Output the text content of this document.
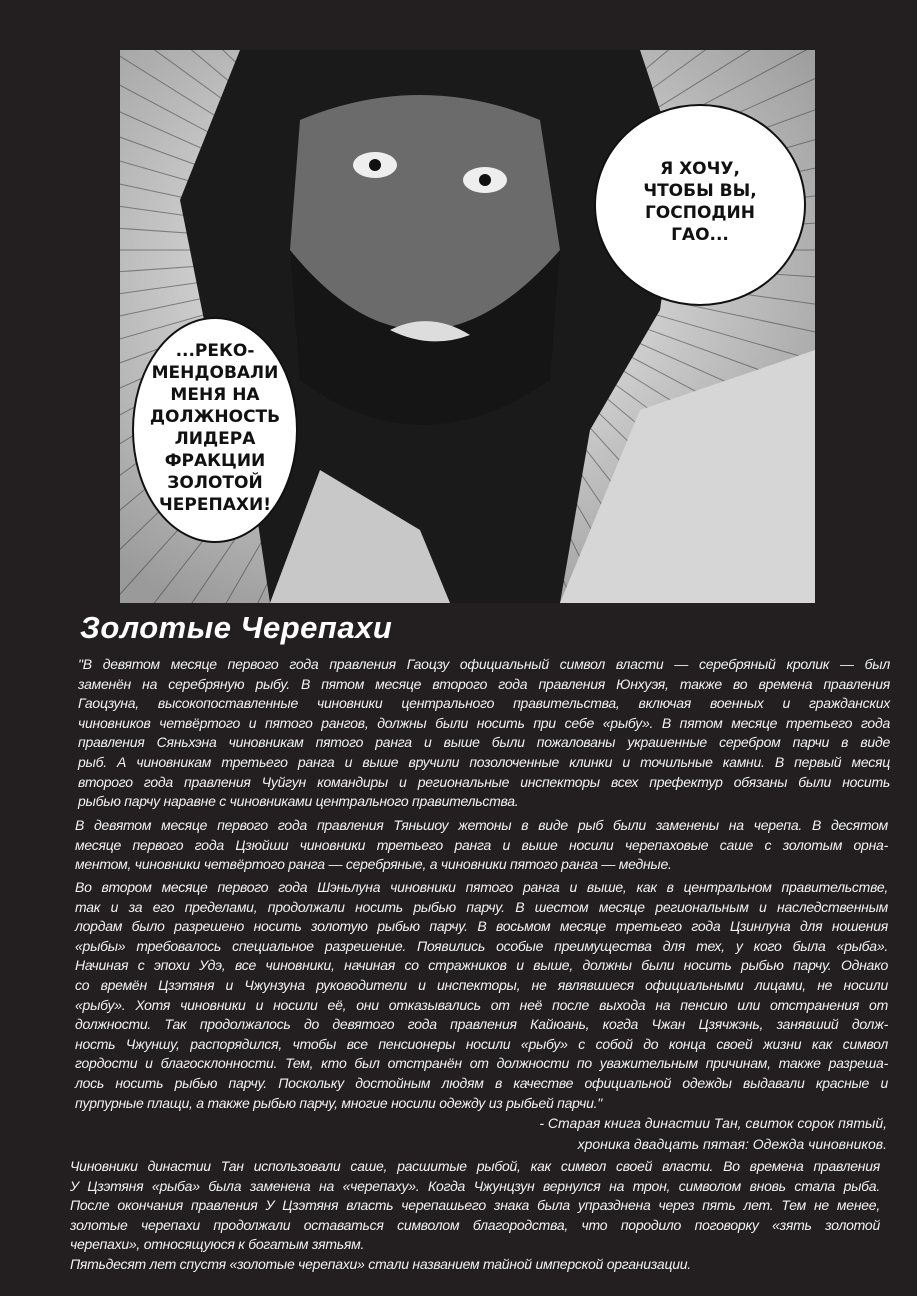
Я ХОЧУ,
ЧТОБЫ ВЫ,
ГОСПОДИН
ГАО...
...РЕКО-
МЕНДОВАЛИ
МЕНЯ НА
ДОЛЖНОСТЬ
ЛИДЕРА
ФРАКЦИИ
ЗОЛОТОЙ
ЧЕРЕПАХИ!
Золотые Черепахи
"В девятом месяце первого года правления Гаоцзу официальный символ власти — серебряный кролик — был
заменён на серебряную рыбу. В пятом месяце второго года правления Юнхуэя, также во времена правления
Гаоцзуна, высокопоставленные чиновники центрального правительства, включая военных и гражданских
чиновников четвёртого и пятого рангов, должны были носить при себе «рыбу». В пятом месяце третьего года
правления Сяньхэна чиновникам пятого ранга и выше были пожалованы украшенные серебром парчи в виде
рыб. А чиновникам третьего ранга и выше вручили позолоченные клинки и точильные камни. В первый месяц
второго года правления Чуйгун командиры и региональные инспекторы всех префектур обязаны были носить
рыбью парчу наравне с чиновниками центрального правительства.
В девятом месяце первого года правления Тяньшоу жетоны в виде рыб были заменены на черепа. В десятом
месяце первого года Цзюйши чиновники третьего ранга и выше носили черепаховые саше с золотым орна-
ментом, чиновники четвёртого ранга — серебряные, а чиновники пятого ранга — медные.
Во втором месяце первого года Шэньлуна чиновники пятого ранга и выше, как в центральном правительстве,
так и за его пределами, продолжали носить рыбью парчу. В шестом месяце региональным и наследственным
лордам было разрешено носить золотую рыбью парчу. В восьмом месяце третьего года Цзинлуна для ношения
«рыбы» требовалось специальное разрешение. Появились особые преимущества для тех, у кого была «рыба».
Начиная с эпохи Удэ, все чиновники, начиная со стражников и выше, должны были носить рыбью парчу. Однако
со времён Цзэтяня и Чжунзуна руководители и инспекторы, не являвшиеся официальными лицами, не носили
«рыбу». Хотя чиновники и носили её, они отказывались от неё после выхода на пенсию или отстранения от
должности. Так продолжалось до девятого года правления Кайюань, когда Чжан Цзячжэнь, занявший долж-
ность Чжуншу, распорядился, чтобы все пенсионеры носили «рыбу» с собой до конца своей жизни как символ
гордости и благосклонности. Тем, кто был отстранён от должности по уважительным причинам, также разреша-
лось носить рыбью парчу. Поскольку достойным людям в качестве официальной одежды выдавали красные и
пурпурные плащи, а также рыбью парчу, многие носили одежду из рыбьей парчи."
- Старая книга династии Тан, свиток сорок пятый,
хроника двадцать пятая: Одежда чиновников.
Чиновники династии Тан использовали саше, расшитые рыбой, как символ своей власти. Во времена правления
У Цзэтяня «рыба» была заменена на «черепаху». Когда Чжунцзун вернулся на трон, символом вновь стала рыба.
После окончания правления У Цзэтяня власть черепашьего знака была упразднена через пять лет. Тем не менее,
золотые черепахи продолжали оставаться символом благородства, что породило поговорку «зять золотой
черепахи», относящуюся к богатым зятьям.
Пятьдесят лет спустя «золотые черепахи» стали названием тайной имперской организации.
